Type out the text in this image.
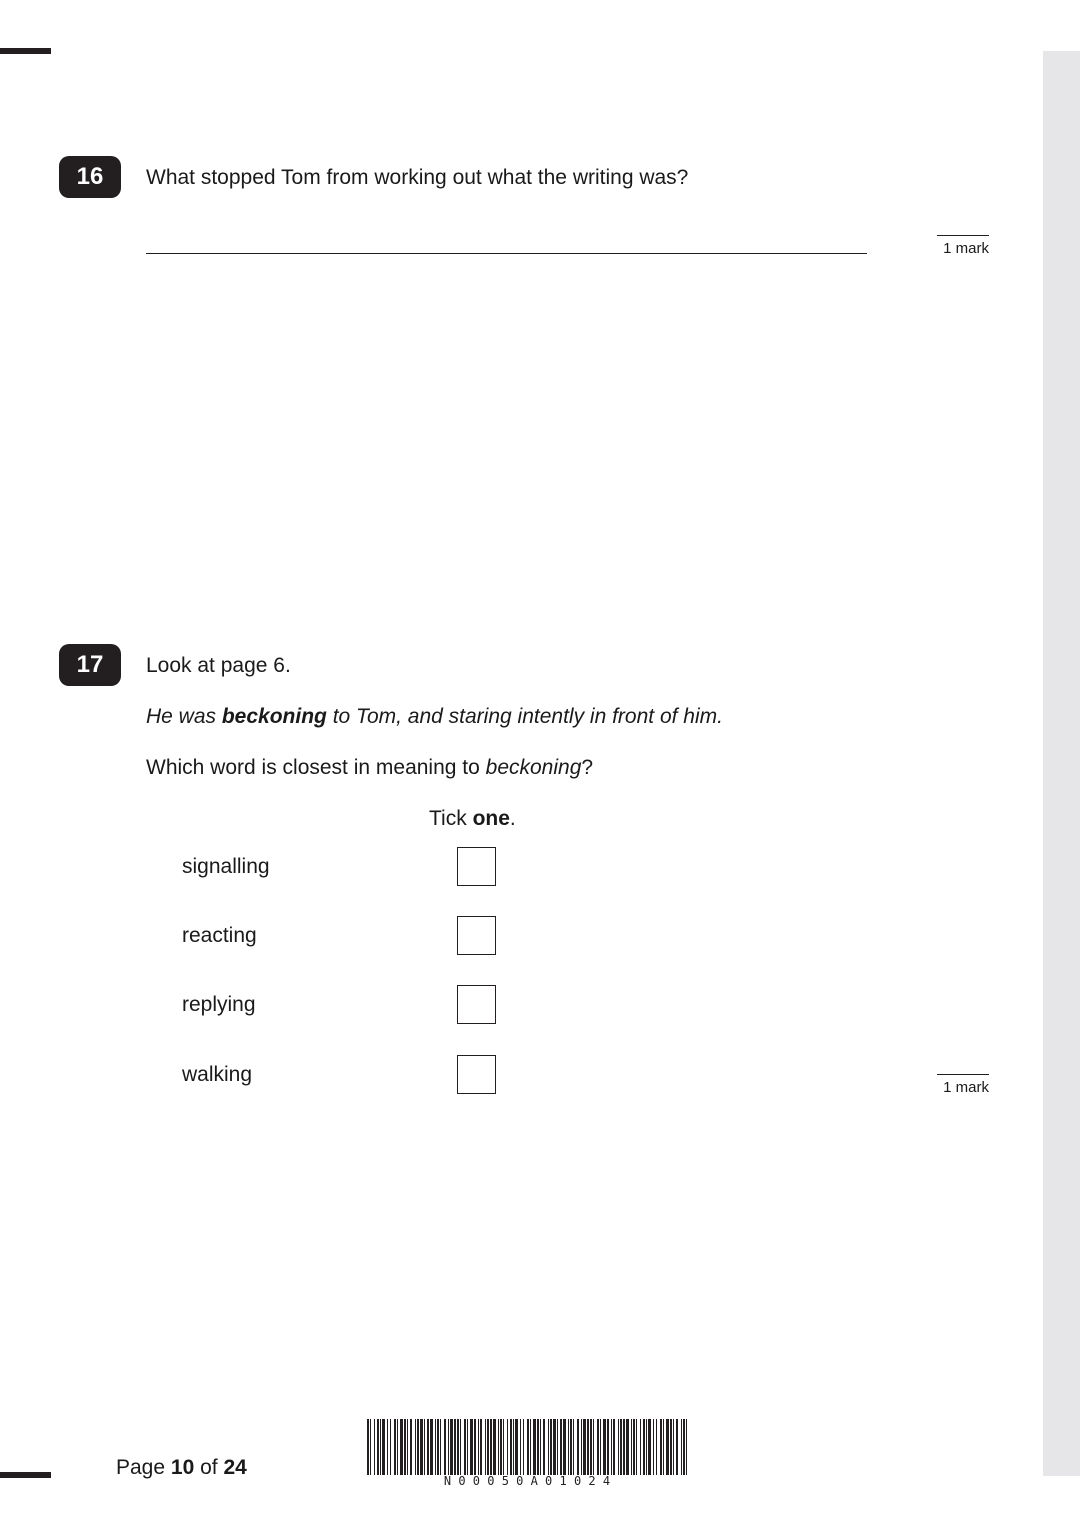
16	What stopped Tom from working out what the writing was?
1 mark
17	Look at page 6.
He was beckoning to Tom, and staring intently in front of him.
Which word is closest in meaning to beckoning?
Tick one.
signalling
reacting
replying
walking
1 mark
Page 10 of 24
N 0 0 0 5 0 A 0 1 0 2 4
